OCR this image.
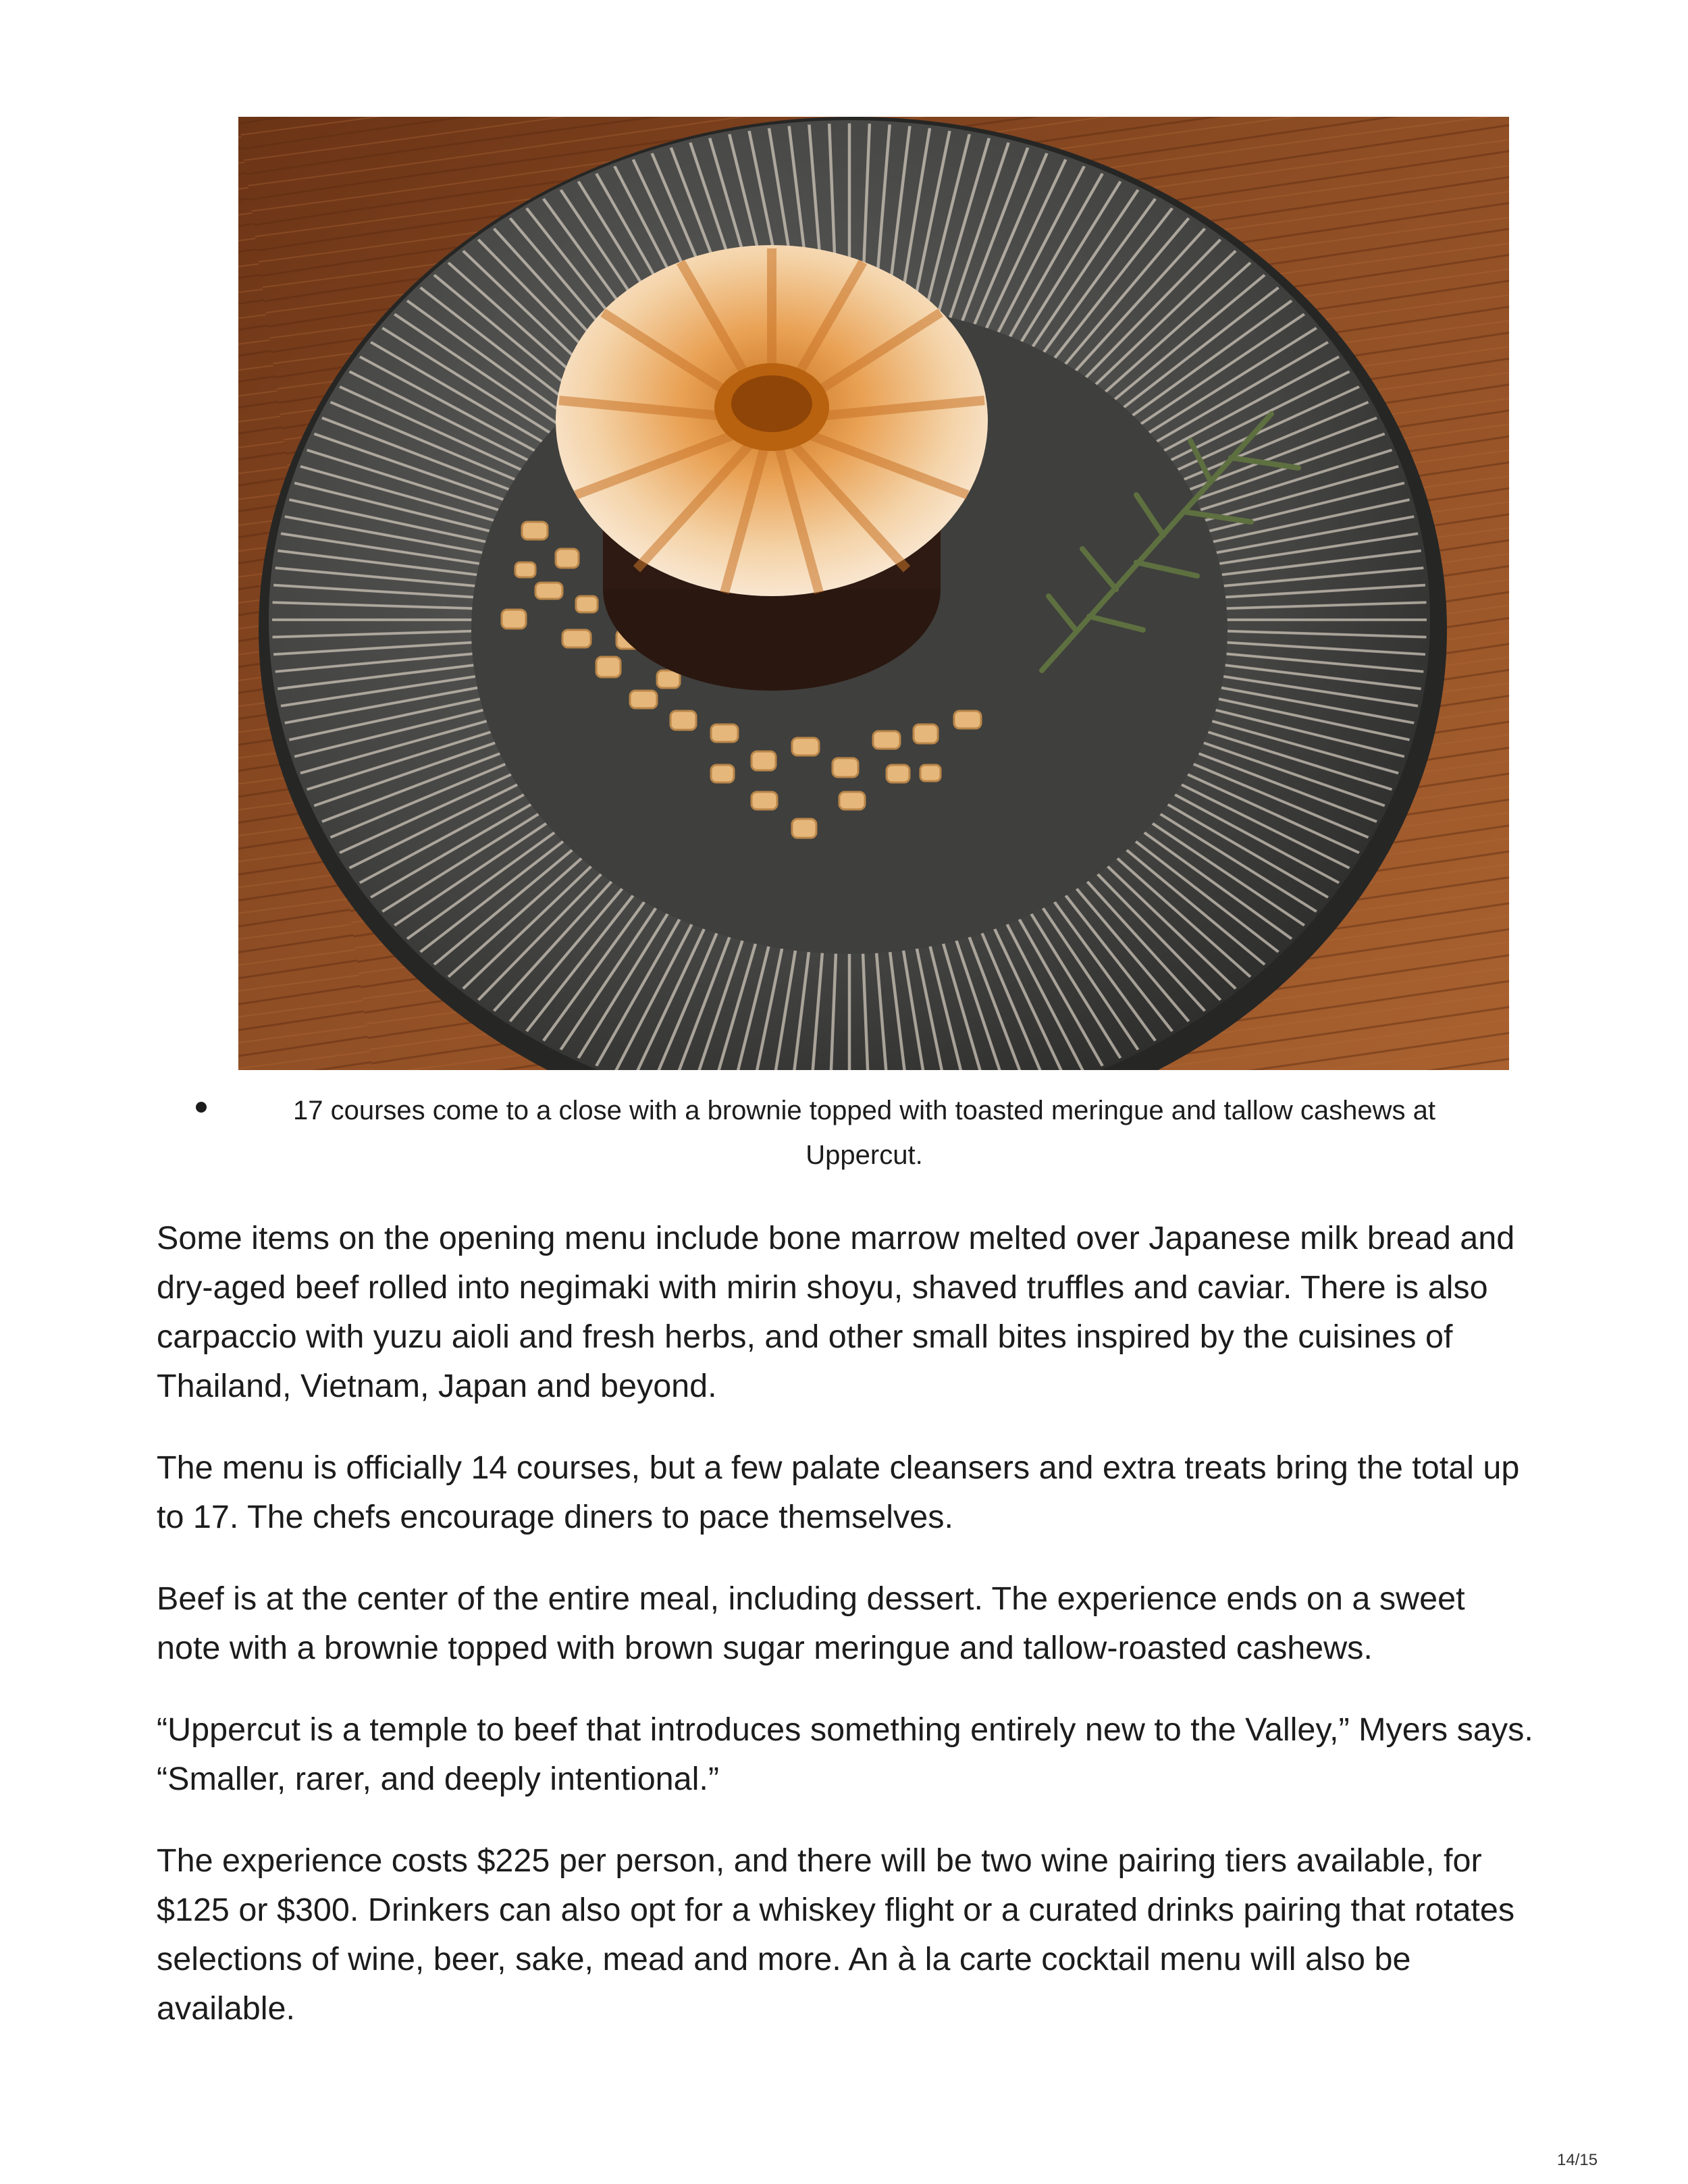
17 courses come to a close with a brownie topped with toasted meringue and tallow cashews at Uppercut.

Some items on the opening menu include bone marrow melted over Japanese milk bread and dry-aged beef rolled into negimaki with mirin shoyu, shaved truffles and caviar. There is also carpaccio with yuzu aioli and fresh herbs, and other small bites inspired by the cuisines of Thailand, Vietnam, Japan and beyond.

The menu is officially 14 courses, but a few palate cleansers and extra treats bring the total up to 17. The chefs encourage diners to pace themselves.

Beef is at the center of the entire meal, including dessert. The experience ends on a sweet note with a brownie topped with brown sugar meringue and tallow-roasted cashews.

“Uppercut is a temple to beef that introduces something entirely new to the Valley,” Myers says. “Smaller, rarer, and deeply intentional.”

The experience costs $225 per person, and there will be two wine pairing tiers available, for $125 or $300. Drinkers can also opt for a whiskey flight or a curated drinks pairing that rotates selections of wine, beer, sake, mead and more. An à la carte cocktail menu will also be available.

14/15
